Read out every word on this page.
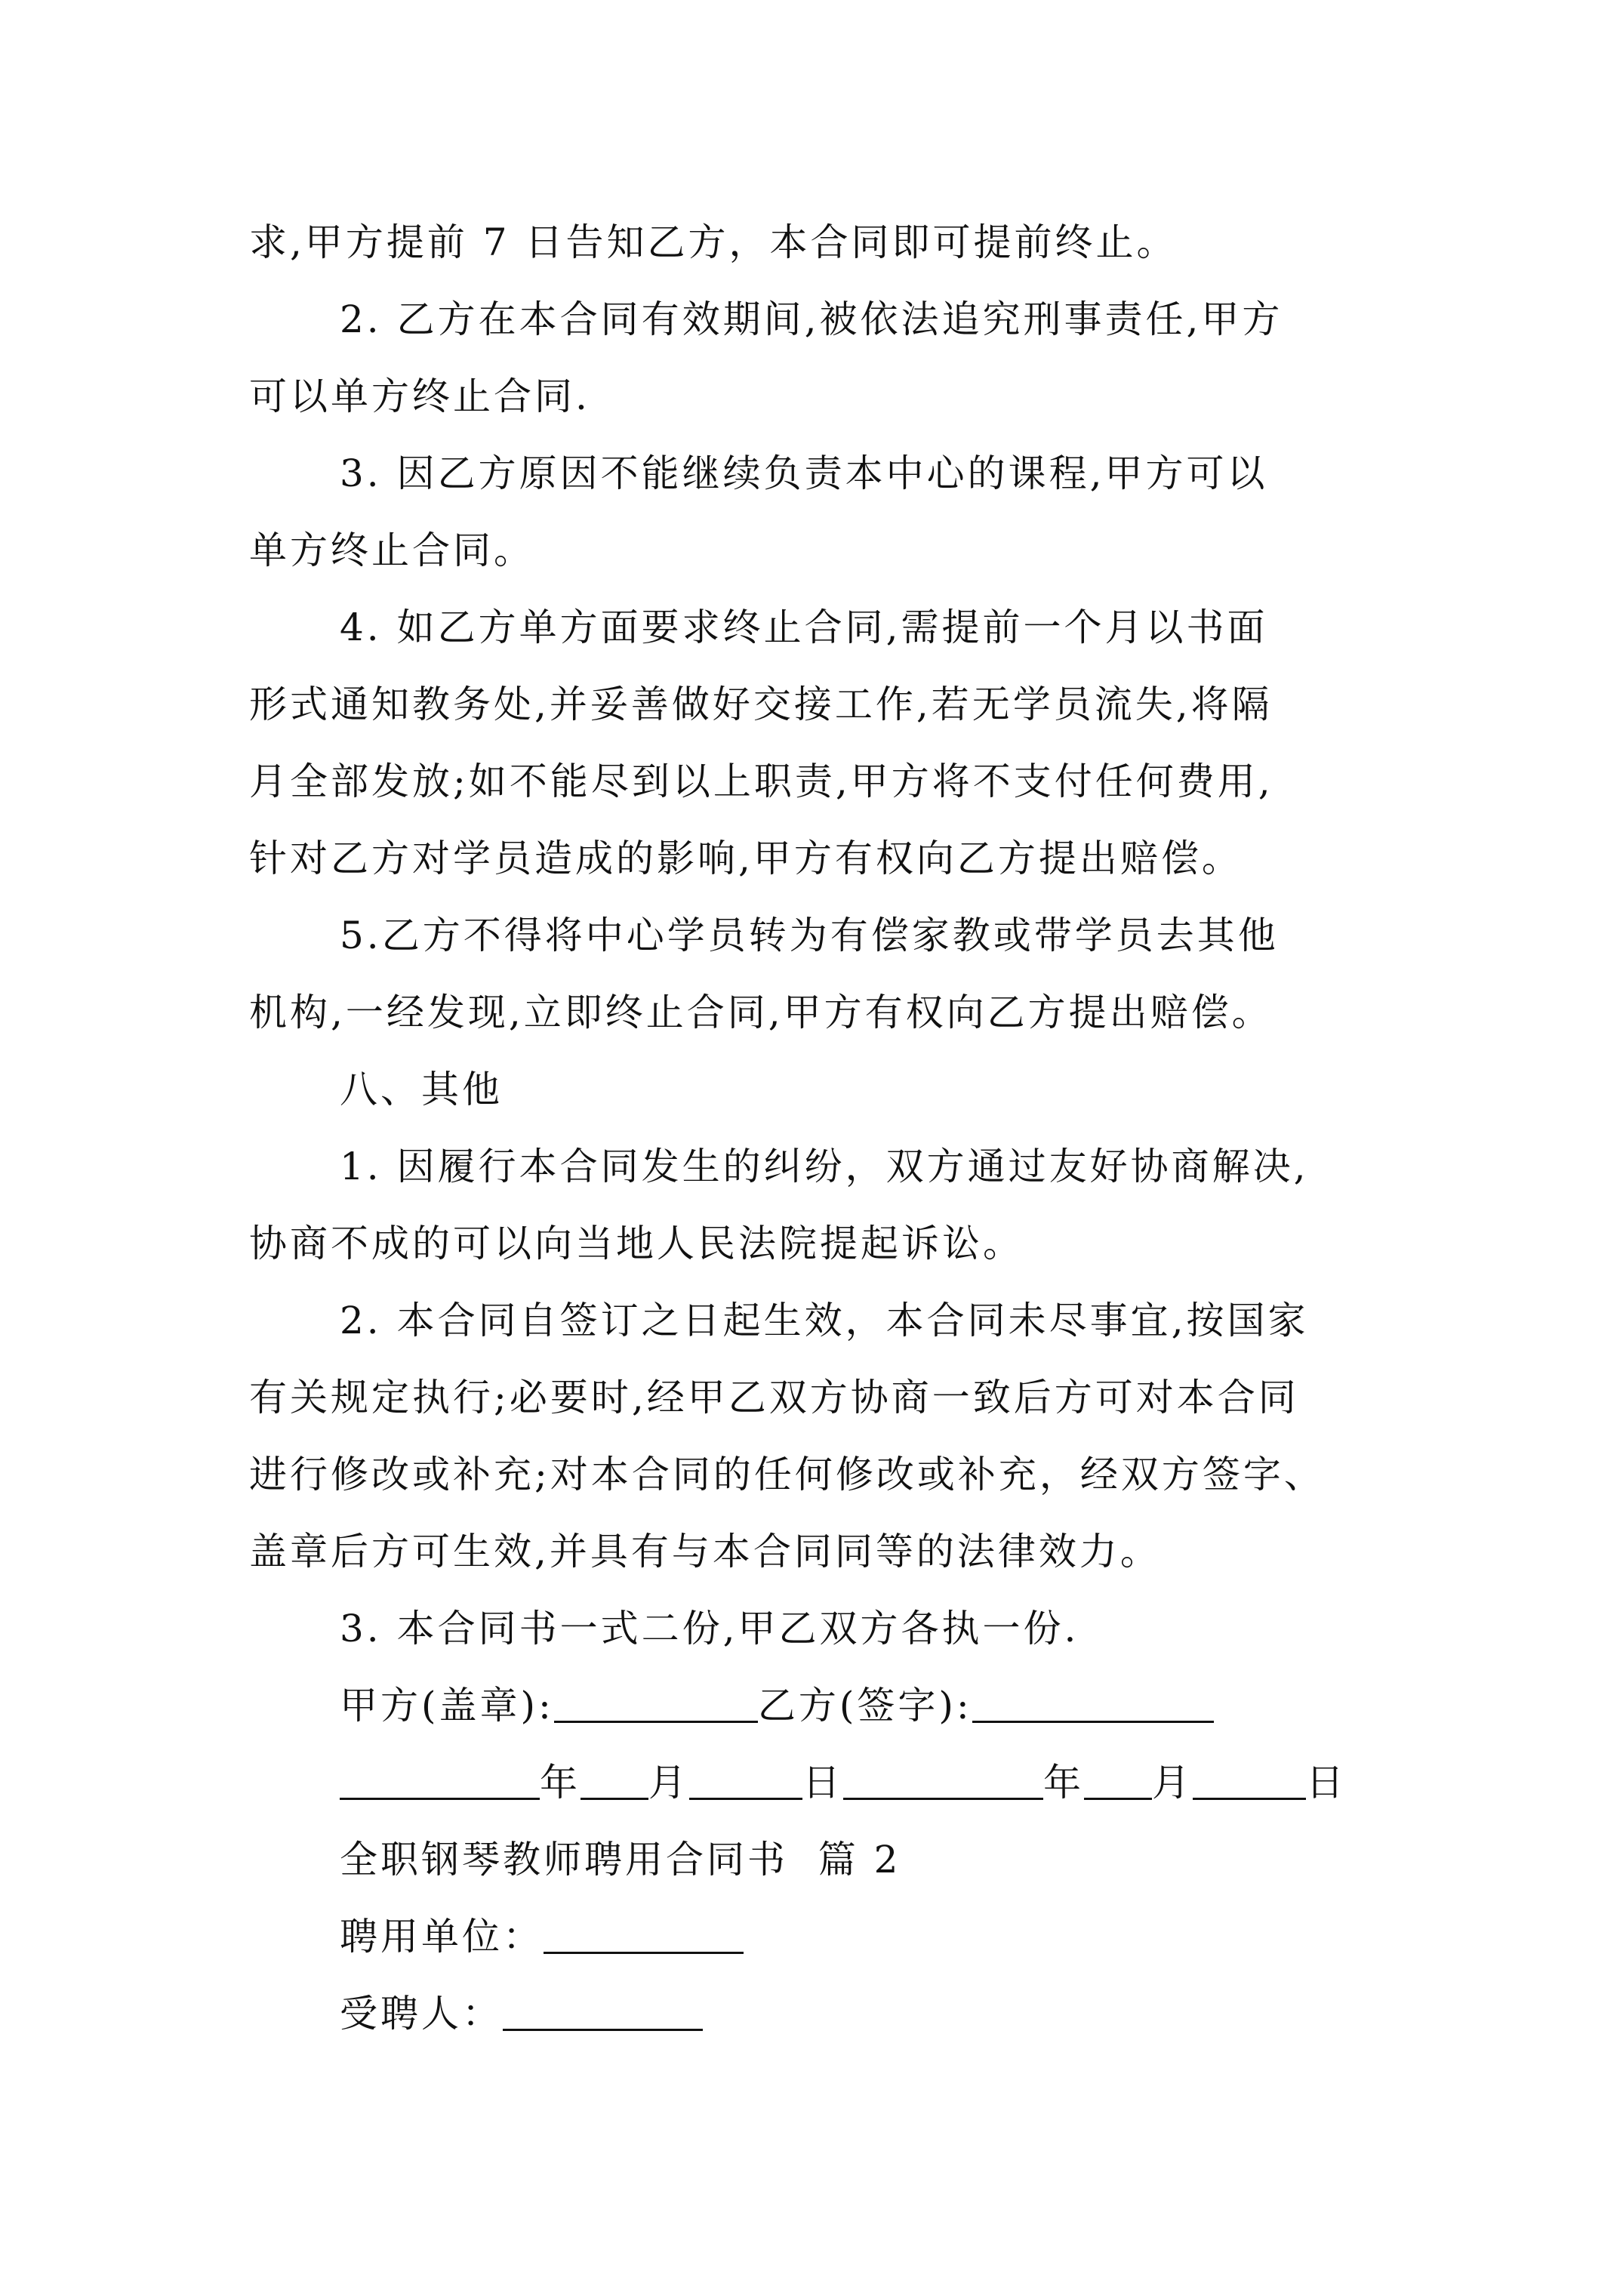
求,甲方提前 7 日告知乙方，本合同即可提前终止。
2. 乙方在本合同有效期间,被依法追究刑事责任,甲方
可以单方终止合同.
3. 因乙方原因不能继续负责本中心的课程,甲方可以
单方终止合同。
4. 如乙方单方面要求终止合同,需提前一个月以书面
形式通知教务处,并妥善做好交接工作,若无学员流失,将隔
月全部发放;如不能尽到以上职责,甲方将不支付任何费用,
针对乙方对学员造成的影响,甲方有权向乙方提出赔偿。
5.乙方不得将中心学员转为有偿家教或带学员去其他
机构,一经发现,立即终止合同,甲方有权向乙方提出赔偿。
八、其他
1. 因履行本合同发生的纠纷，双方通过友好协商解决,
协商不成的可以向当地人民法院提起诉讼。
2. 本合同自签订之日起生效，本合同未尽事宜,按国家
有关规定执行;必要时,经甲乙双方协商一致后方可对本合同
进行修改或补充;对本合同的任何修改或补充，经双方签字、
盖章后方可生效,并具有与本合同同等的法律效力。
3. 本合同书一式二份,甲乙双方各执一份.
甲方(盖章):	乙方(签字):
年 月	日	年 月	日
全职钢琴教师聘用合同书  篇 2
聘用单位：
受聘人：
